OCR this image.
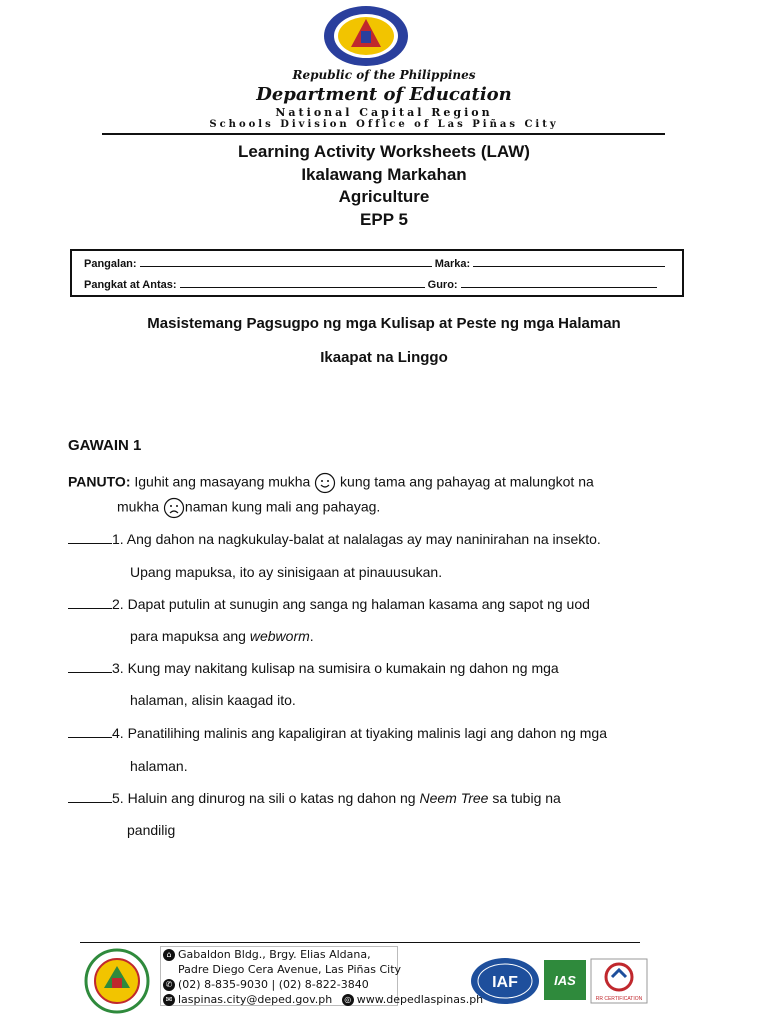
Republic of the Philippines
Department of Education
National Capital Region
Schools Division Office of Las Piñas City
Learning Activity Worksheets (LAW)
Ikalawang Markahan
Agriculture
EPP 5
Pangalan:	Marka:
Pangkat at Antas:	Guro:
Masistemang Pagsugpo ng mga Kulisap at Peste ng mga Halaman
Ikaapat na Linggo
GAWAIN 1
PANUTO: Iguhit ang masayang mukha  kung tama ang pahayag at malungkot na
mukha naman kung mali ang pahayag.
1. Ang dahon na nagkukulay-balat at nalalagas ay may naninirahan na insekto.
Upang mapuksa, ito ay sinisigaan at pinauusukan.
2. Dapat putulin at sunugin ang sanga ng halaman kasama ang sapot ng uod
para mapuksa ang webworm.
3. Kung may nakitang kulisap na sumisira o kumakain ng dahon ng mga
halaman, alisin kaagad ito.
4. Panatilihing malinis ang kapaligiran at tiyaking malinis lagi ang dahon ng mga
halaman.
5. Haluin ang dinurog na sili o katas ng dahon ng Neem Tree sa tubig na
pandilig
⌂ Gabaldon Bldg., Brgy. Elias Aldana,
Padre Diego Cera Avenue, Las Piñas City
✆ (02) 8-835-9030 | (02) 8-822-3840
✉ laspinas.city@deped.gov.ph ◎ www.depedlaspinas.ph
IAF	IAS
RR CERTIFICATION
